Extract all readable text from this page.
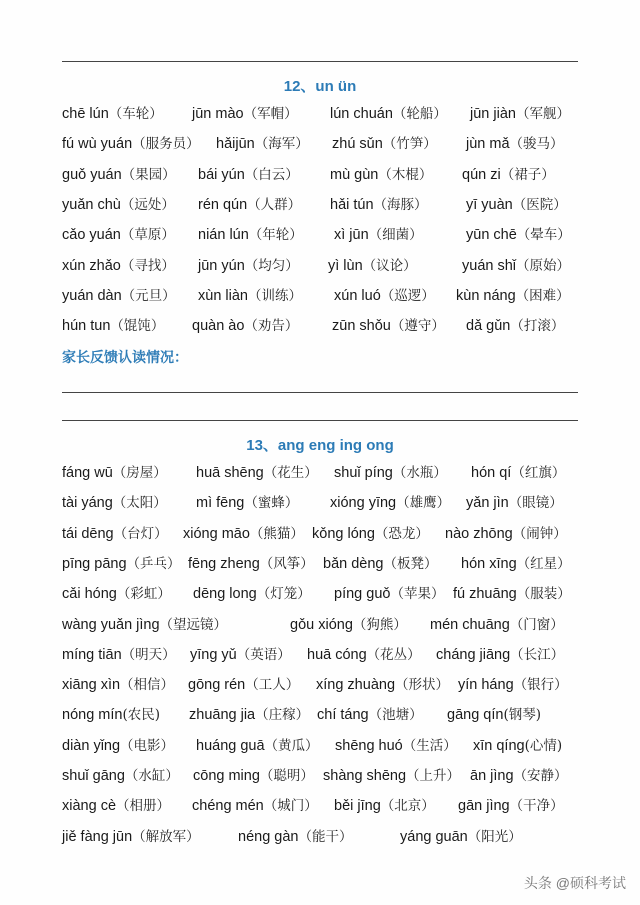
12、un ün
chē lún（车轮） jūn mào（军帽） lún chuán（轮船） jūn jiàn（军舰）
fú wù yuán（服务员） hǎijūn（海军） zhú sǔn（竹笋） jùn mǎ（骏马）
guǒ yuán（果园） bái yún（白云） mù gùn（木棍） qún zi（裙子）
yuǎn chù（远处） rén qún（人群） hǎi tún（海豚）	yī yuàn（医院）
cǎo yuán（草原） nián lún（年轮） xì jūn（细菌）	yūn chē（晕车）
xún zhǎo（寻找） jūn yún（均匀） yì lùn（议论）	yuán shǐ（原始）
yuán dàn（元旦） xùn liàn（训练） xún luó（巡逻） kùn náng（困难）
hún tun（馄饨） quàn ào（劝告） zūn shǒu（遵守） dǎ gǔn（打滚）
家长反馈认读情况：
13、ang eng ing ong
fáng wū（房屋） huā shēng（花生） shuǐ píng（水瓶） hón qí（红旗）
tài yáng（太阳） mì fēng（蜜蜂） xióng yīng（雄鹰） yǎn jìn（眼镜）
tái dēng（台灯） xióng māo（熊猫） kǒng lóng（恐龙） nào zhōng（闹钟）
pīng pāng（乒乓） fēng zheng（风筝） bǎn dèng（板凳） hón xīng（红星）
cǎi hóng（彩虹） dēng long（灯笼） píng guǒ（苹果） fú zhuāng（服装）
wàng yuǎn jìng（望远镜）	gǒu xióng（狗熊） mén chuāng（门窗）
míng tiān（明天） yīng yǔ（英语） huā cóng（花丛） cháng jiāng（长江）
xiāng xìn（相信） gōng rén（工人） xíng zhuàng（形状） yín háng（银行）
nóng mín(农民) zhuāng jia（庄稼） chí táng（池塘） gāng qín(钢琴)
diàn yǐng（电影） huáng guā（黄瓜） shēng huó（生活） xīn qíng(心情)
shuǐ gāng（水缸） cōng ming（聪明） shàng shēng（上升） ān jìng（安静）
xiàng cè（相册） chéng mén（城门） běi jīng（北京） gān jìng（干净）
jiě fàng jūn（解放军）	néng gàn（能干）	yáng guān（阳光）
头条 @硕科考试
